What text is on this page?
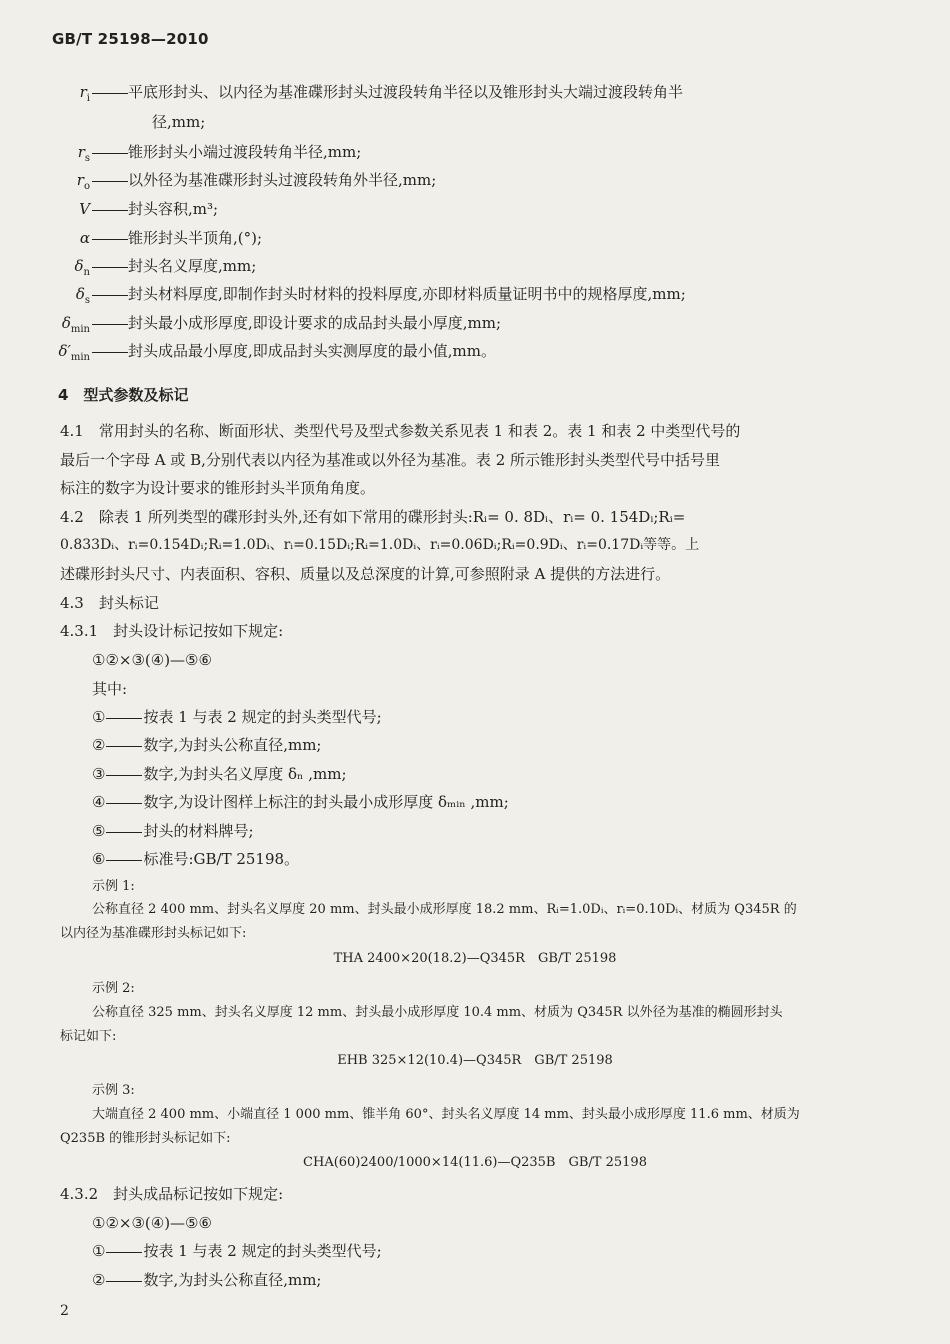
GB/T 25198—2010
$r_i$	平底形封头、以内径为基准碟形封头过渡段转角半径以及锥形封头大端过渡段转角半
径,mm;
$r_s$	锥形封头小端过渡段转角半径,mm;
$r_o$	以外径为基准碟形封头过渡段转角外半径,mm;
V	封头容积,m³;
α	锥形封头半顶角,(°);
$\delta_n$	封头名义厚度,mm;
$\delta_s$	封头材料厚度,即制作封头时材料的投料厚度,亦即材料质量证明书中的规格厚度,mm;
$\delta_{min}$	封头最小成形厚度,即设计要求的成品封头最小厚度,mm;
$\delta'_{min}$	封头成品最小厚度,即成品封头实测厚度的最小值,mm。
4　型式参数及标记
4.1　常用封头的名称、断面形状、类型代号及型式参数关系见表 1 和表 2。表 1 和表 2 中类型代号的
最后一个字母 A 或 B,分别代表以内径为基准或以外径为基准。表 2 所示锥形封头类型代号中括号里
标注的数字为设计要求的锥形封头半顶角角度。
4.2　除表 1 所列类型的碟形封头外,还有如下常用的碟形封头:Rᵢ= 0. 8Dᵢ、rᵢ= 0. 154Dᵢ;Rᵢ=
0.833Dᵢ、rᵢ=0.154Dᵢ;Rᵢ=1.0Dᵢ、rᵢ=0.15Dᵢ;Rᵢ=1.0Dᵢ、rᵢ=0.06Dᵢ;Rᵢ=0.9Dᵢ、rᵢ=0.17Dᵢ等等。上
述碟形封头尺寸、内表面积、容积、质量以及总深度的计算,可参照附录 A 提供的方法进行。
4.3　封头标记
4.3.1　封头设计标记按如下规定:
①②×③(④)—⑤⑥
其中:
①	按表 1 与表 2 规定的封头类型代号;
②	数字,为封头公称直径,mm;
③	数字,为封头名义厚度 δₙ ,mm;
④	数字,为设计图样上标注的封头最小成形厚度 δₘᵢₙ ,mm;
⑤	封头的材料牌号;
⑥	标准号:GB/T 25198。
示例 1:
公称直径 2 400 mm、封头名义厚度 20 mm、封头最小成形厚度 18.2 mm、Rᵢ=1.0Dᵢ、rᵢ=0.10Dᵢ、材质为 Q345R 的
以内径为基准碟形封头标记如下:
THA 2400×20(18.2)—Q345R　GB/T 25198
示例 2:
公称直径 325 mm、封头名义厚度 12 mm、封头最小成形厚度 10.4 mm、材质为 Q345R 以外径为基准的椭圆形封头
标记如下:
EHB 325×12(10.4)—Q345R　GB/T 25198
示例 3:
大端直径 2 400 mm、小端直径 1 000 mm、锥半角 60°、封头名义厚度 14 mm、封头最小成形厚度 11.6 mm、材质为
Q235B 的锥形封头标记如下:
CHA(60)2400/1000×14(11.6)—Q235B　GB/T 25198
4.3.2　封头成品标记按如下规定:
①②×③(④)—⑤⑥
①	按表 1 与表 2 规定的封头类型代号;
②	数字,为封头公称直径,mm;
2
